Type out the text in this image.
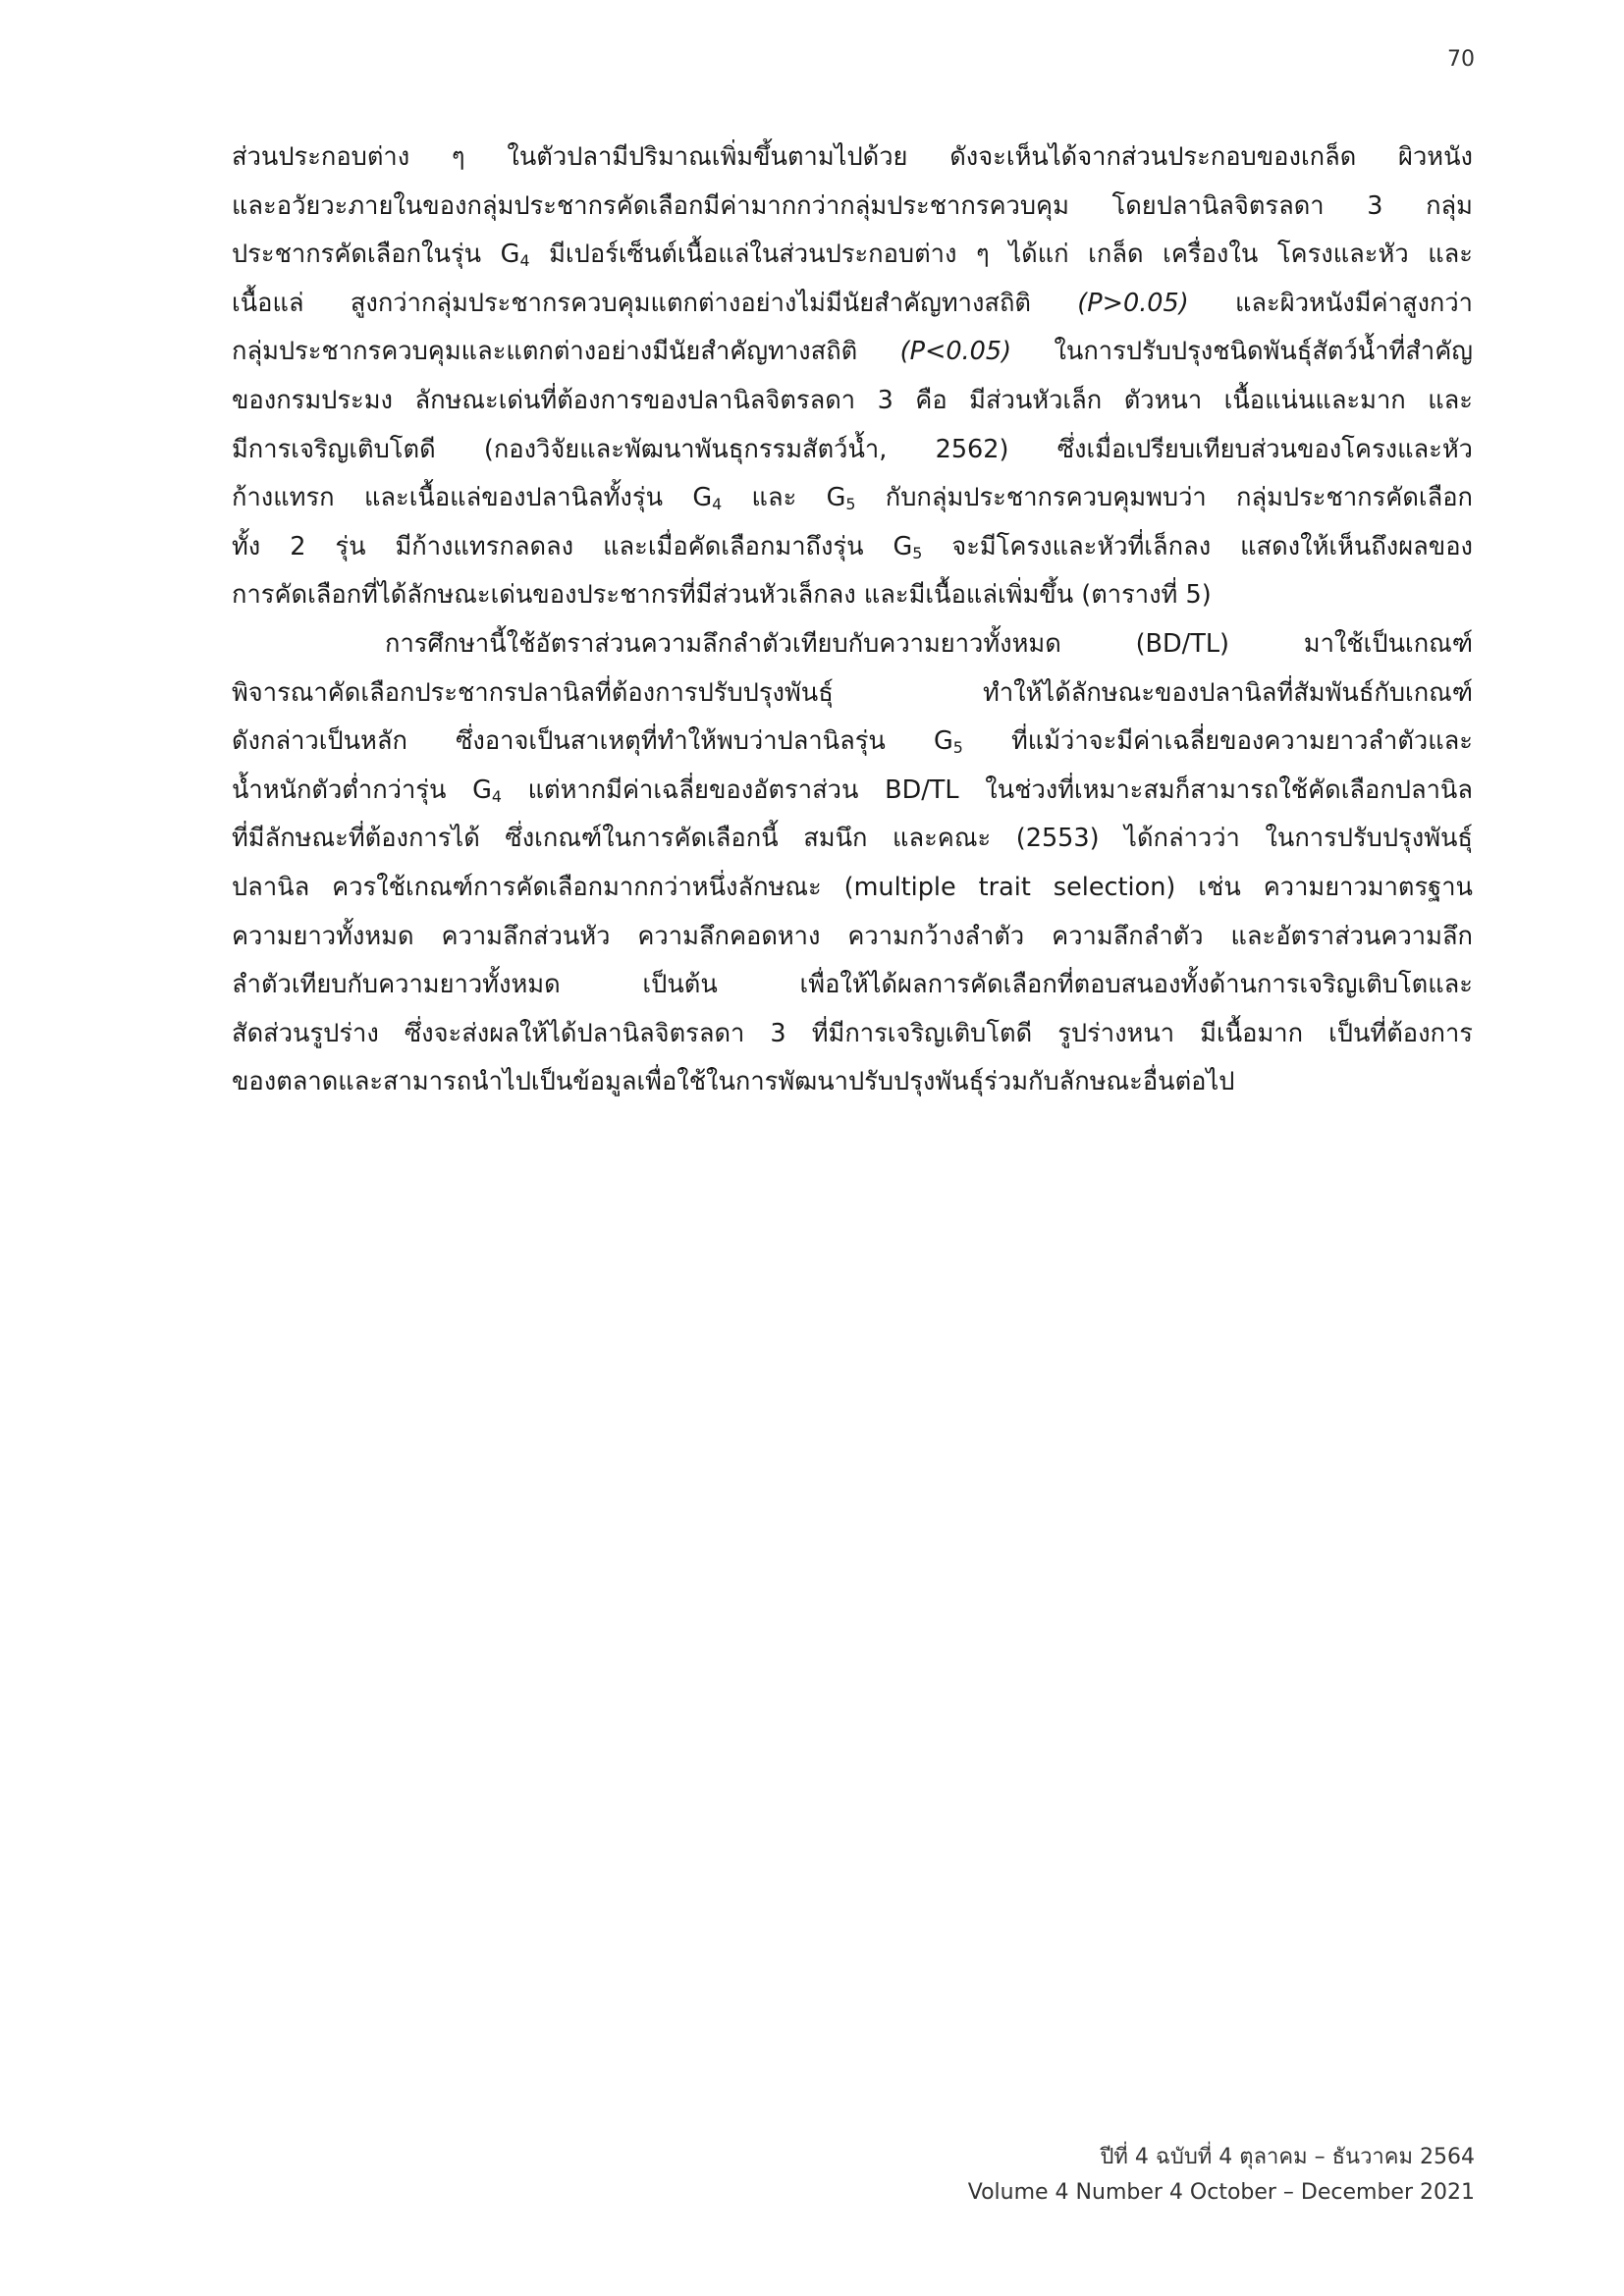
70

ส่วนประกอบต่าง ๆ ในตัวปลามีปริมาณเพิ่มขึ้นตามไปด้วย ดังจะเห็นได้จากส่วนประกอบของเกล็ด ผิวหนัง
และอวัยวะภายในของกลุ่มประชากรคัดเลือกมีค่ามากกว่ากลุ่มประชากรควบคุม โดยปลานิลจิตรลดา 3 กลุ่ม
ประชากรคัดเลือกในรุ่น $G_4$ มีเปอร์เซ็นต์เนื้อแล่ในส่วนประกอบต่าง ๆ ได้แก่ เกล็ด เครื่องใน โครงและหัว และ
เนื้อแล่ สูงกว่ากลุ่มประชากรควบคุมแตกต่างอย่างไม่มีนัยสำคัญทางสถิติ (P>0.05) และผิวหนังมีค่าสูงกว่า
กลุ่มประชากรควบคุมและแตกต่างอย่างมีนัยสำคัญทางสถิติ (P<0.05) ในการปรับปรุงชนิดพันธุ์สัตว์น้ำที่สำคัญ
ของกรมประมง ลักษณะเด่นที่ต้องการของปลานิลจิตรลดา 3 คือ มีส่วนหัวเล็ก ตัวหนา เนื้อแน่นและมาก และ
มีการเจริญเติบโตดี (กองวิจัยและพัฒนาพันธุกรรมสัตว์น้ำ, 2562) ซึ่งเมื่อเปรียบเทียบส่วนของโครงและหัว
ก้างแทรก และเนื้อแล่ของปลานิลทั้งรุ่น $G_4$ และ $G_5$ กับกลุ่มประชากรควบคุมพบว่า กลุ่มประชากรคัดเลือก
ทั้ง 2 รุ่น มีก้างแทรกลดลง และเมื่อคัดเลือกมาถึงรุ่น $G_5$ จะมีโครงและหัวที่เล็กลง แสดงให้เห็นถึงผลของ
การคัดเลือกที่ได้ลักษณะเด่นของประชากรที่มีส่วนหัวเล็กลง และมีเนื้อแล่เพิ่มขึ้น (ตารางที่ 5)

การศึกษานี้ใช้อัตราส่วนความลึกลำตัวเทียบกับความยาวทั้งหมด (BD/TL) มาใช้เป็นเกณฑ์
พิจารณาคัดเลือกประชากรปลานิลที่ต้องการปรับปรุงพันธุ์ ทำให้ได้ลักษณะของปลานิลที่สัมพันธ์กับเกณฑ์
ดังกล่าวเป็นหลัก ซึ่งอาจเป็นสาเหตุที่ทำให้พบว่าปลานิลรุ่น $G_5$ ที่แม้ว่าจะมีค่าเฉลี่ยของความยาวลำตัวและ
น้ำหนักตัวต่ำกว่ารุ่น $G_4$ แต่หากมีค่าเฉลี่ยของอัตราส่วน BD/TL ในช่วงที่เหมาะสมก็สามารถใช้คัดเลือกปลานิล
ที่มีลักษณะที่ต้องการได้ ซึ่งเกณฑ์ในการคัดเลือกนี้ สมนึก และคณะ (2553) ได้กล่าวว่า ในการปรับปรุงพันธุ์
ปลานิล ควรใช้เกณฑ์การคัดเลือกมากกว่าหนึ่งลักษณะ (multiple trait selection) เช่น ความยาวมาตรฐาน
ความยาวทั้งหมด ความลึกส่วนหัว ความลึกคอดหาง ความกว้างลำตัว ความลึกลำตัว และอัตราส่วนความลึก
ลำตัวเทียบกับความยาวทั้งหมด เป็นต้น เพื่อให้ได้ผลการคัดเลือกที่ตอบสนองทั้งด้านการเจริญเติบโตและ
สัดส่วนรูปร่าง ซึ่งจะส่งผลให้ได้ปลานิลจิตรลดา 3 ที่มีการเจริญเติบโตดี รูปร่างหนา มีเนื้อมาก เป็นที่ต้องการ
ของตลาดและสามารถนำไปเป็นข้อมูลเพื่อใช้ในการพัฒนาปรับปรุงพันธุ์ร่วมกับลักษณะอื่นต่อไป

ปีที่ 4 ฉบับที่ 4 ตุลาคม – ธันวาคม 2564
Volume 4 Number 4 October – December 2021
